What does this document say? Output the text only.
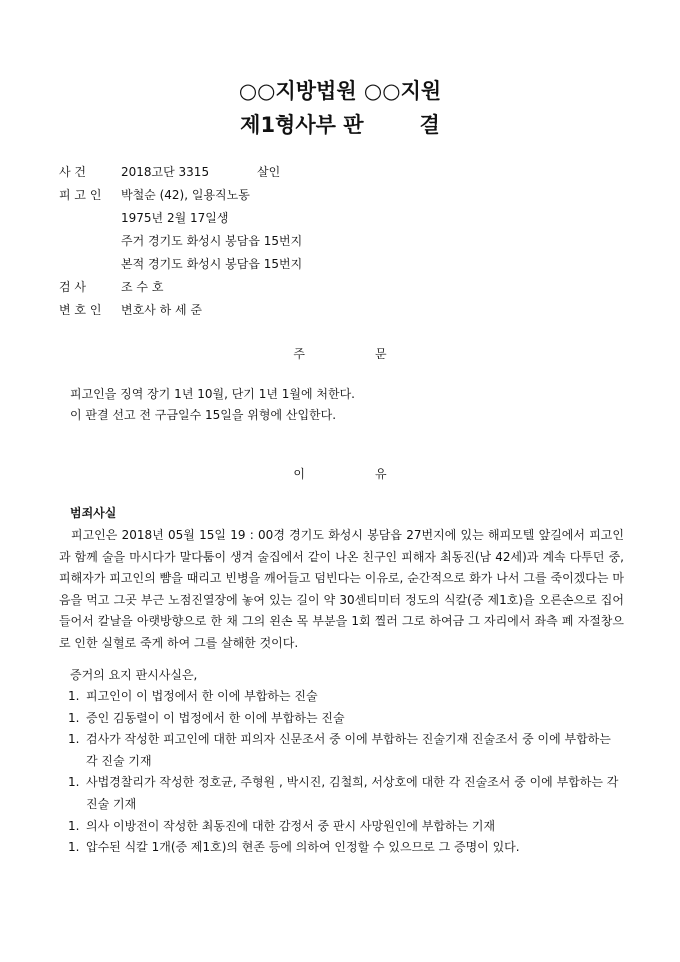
○○지방법원 ○○지원
제1형사부 판	결
사 건	2018고단 3315	살인
피 고 인 박철순 (42), 일용직노동
1975년 2월 17일생
주거 경기도 화성시 봉담읍 15번지
본적 경기도 화성시 봉담읍 15번지
검 사	조 수 호
변 호 인 변호사 하 세 준
주	문
피고인을 징역 장기 1년 10월, 단기 1년 1월에 처한다.
이 판결 선고 전 구금일수 15일을 위형에 산입한다.
이	유
범죄사실

피고인은 2018년 05월 15일 19 : 00경 경기도 화성시 봉담읍 27번지에 있는 해피모텔 앞길에서 피고인과 함께 술을 마시다가 말다툼이 생겨 술집에서 같이 나온 친구인 피해자 최동진(남 42세)과 계속 다투던 중, 피해자가 피고인의 뺨을 때리고 빈병을 깨어들고 덤빈다는 이유로, 순간적으로 화가 나서 그를 죽이겠다는 마음을 먹고 그곳 부근 노점진열장에 놓여 있는 길이 약 30센티미터 정도의 식칼(증 제1호)을 오른손으로 집어 들어서 칼날을 아랫방향으로 한 채 그의 왼손 목 부분을 1회 찔러 그로 하여금 그 자리에서 좌측 폐 자절창으로 인한 실혈로 죽게 하여 그를 살해한 것이다.

증거의 요지 판시사실은,
1. 피고인이 이 법정에서 한 이에 부합하는 진술
1. 증인 김동렬이 이 법정에서 한 이에 부합하는 진술
1. 검사가 작성한 피고인에 대한 피의자 신문조서 중 이에 부합하는 진술기재 진술조서 중 이에 부합하는 각 진술 기재
1. 사법경찰리가 작성한 정호균, 주형원 , 박시진, 김철희, 서상호에 대한 각 진술조서 중 이에 부합하는 각 진술 기재
1. 의사 이방전이 작성한 최동진에 대한 감정서 중 판시 사망원인에 부합하는 기재
1. 압수된 식칼 1개(증 제1호)의 현존 등에 의하여 인정할 수 있으므로 그 증명이 있다.
